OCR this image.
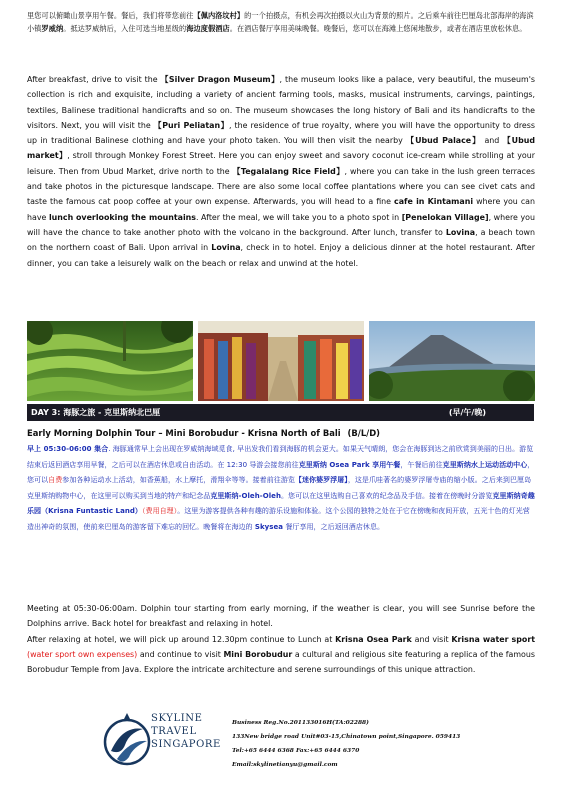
里您可以俯瞰山景享用午餐。餐后，我们将带您前往【佩内洛坟村】的一个拍摄点，有机会再次拍摄以火山为背景的照片。之后乘车前往巴厘岛北部海岸的海滨小镇罗威纳。抵达罗威纳后，入住可选当地星级的海边度假酒店。在酒店餐厅享用美味晚餐。晚餐后，您可以在海滩上悠闲地散步，或者在酒店里放松休息。
After breakfast, drive to visit the 【Silver Dragon Museum】, the museum looks like a palace, very beautiful, the museum's collection is rich and exquisite, including a variety of ancient farming tools, masks, musical instruments, carvings, paintings, textiles, Balinese traditional handicrafts and so on. The museum showcases the long history of Bali and its handicrafts to the visitors. Next, you will visit the 【Puri Peliatan】, the residence of true royalty, where you will have the opportunity to dress up in traditional Balinese clothing and have your photo taken. You will then visit the nearby 【Ubud Palace】 and 【Ubud market】, stroll through Monkey Forest Street. Here you can enjoy sweet and savory coconut ice-cream while strolling at your leisure. Then from Ubud Market, drive north to the 【Tegalalang Rice Field】, where you can take in the lush green terraces and take photos in the picturesque landscape. There are also some local coffee plantations where you can see civet cats and taste the famous cat poop coffee at your own expense. Afterwards, you will head to a fine cafe in Kintamani where you can have lunch overlooking the mountains. After the meal, we will take you to a photo spot in [Penelokan Village], where you will have the chance to take another photo with the volcano in the background. After lunch, transfer to Lovina, a beach town on the northern coast of Bali. Upon arrival in Lovina, check in to hotel. Enjoy a delicious dinner at the hotel restaurant. After dinner, you can take a leisurely walk on the beach or relax and unwind at the hotel.
DAY 3: 海豚之旅 - 克里斯纳北巴厘	(早/午/晚)
Early Morning Dolphin Tour – Mini Borobudur - Krisna North of Bali (B/L/D)
早上 05:30-06:00 集合. 海豚通常早上会出现在罗威纳海域觅食, 早出发我们看到海豚的机会更大。如果天气晴朗，您会在海豚到达之前欣赏到美丽的日出。游览结束后返回酒店享用早餐，之后可以在酒店休息或自由活动。在 12:30 导游会接您前往克里斯纳 Osea Park 享用午餐，午餐后前往克里斯纳水上运动活动中心，您可以自费参加各种运动水上活动，如香蕉船，水上摩托，滑翔伞等等。接着前往游览【迷你婆罗浮屠】，这是爪哇著名的婆罗浮屠寺庙的缩小版。之后来到巴厘岛克里斯纳购物中心，在这里可以购买到当地的特产和纪念品克里斯纳-Oleh-Oleh。您可以在这里选购自己喜欢的纪念品及手信。接着在傍晚时分游览克里斯纳奇趣乐园（Krisna Funtastic Land）（费用自理）。这里为游客提供各种有趣的游乐设施和体验。这个公园的独特之处在于它在傍晚和夜间开放，五光十色的灯光营造出神奇的氛围，使前来巴厘岛的游客留下难忘的回忆。晚餐将在海边的 Skysea 餐厅享用，之后返回酒店休息。
Meeting at 05:30-06:00am. Dolphin tour starting from early morning, if the weather is clear, you will see Sunrise before the Dolphins arrive. Back hotel for breakfast and relaxing in hotel.
After relaxing at hotel, we will pick up around 12.30pm continue to Lunch at Krisna Osea Park and visit Krisna water sport (water sport own expenses) and continue to visit Mini Borobudur a cultural and religious site featuring a replica of the famous Borobudur Temple from Java. Explore the intricate architecture and serene surroundings of this unique attraction.
SKYLINE
TRAVEL
SINGAPORE
Business Reg.No.201133016H(TA:02288)
133New bridge road Unit#03-15,Chinatown point,Singapore. 059413
Tel:+65 6444 6368 Fax:+65 6444 6370
Email:skylinetianyu@gmail.com
